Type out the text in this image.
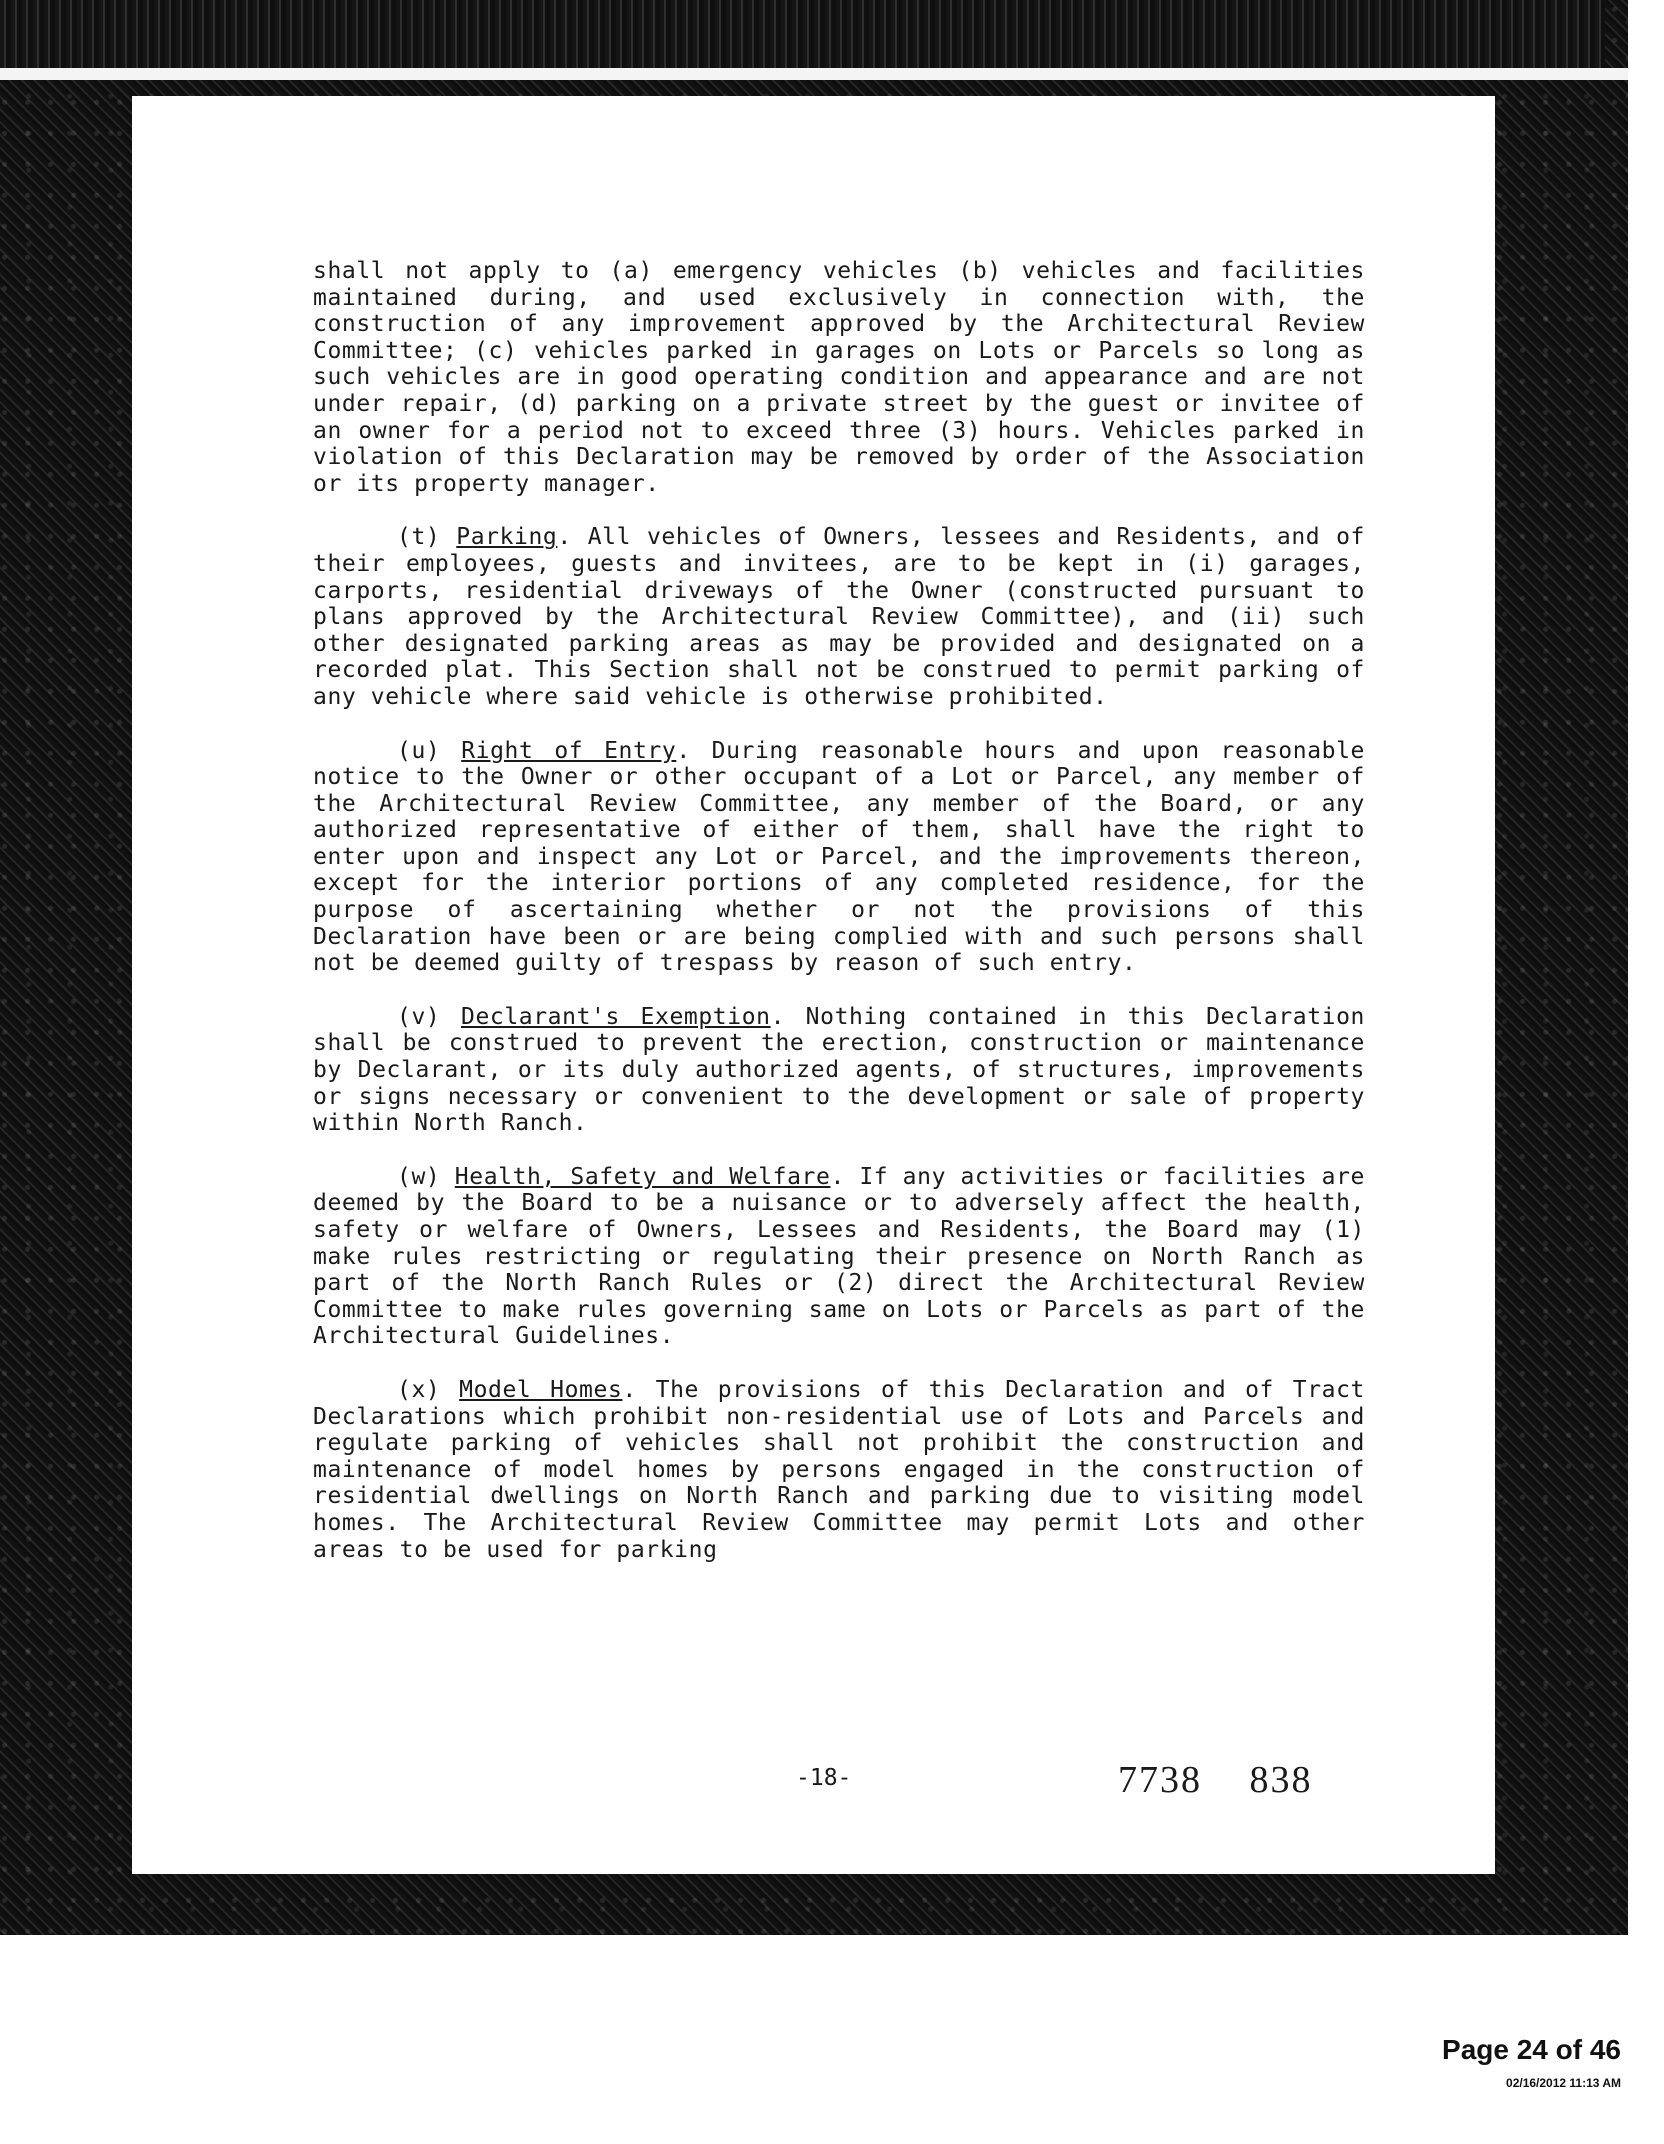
shall not apply to (a) emergency vehicles (b) vehicles and facilities maintained during, and used exclusively in connection with, the construction of any improvement approved by the Architectural Review Committee; (c) vehicles parked in garages on Lots or Parcels so long as such vehicles are in good operating condition and appearance and are not under repair, (d) parking on a private street by the guest or invitee of an owner for a period not to exceed three (3) hours. Vehicles parked in violation of this Declaration may be removed by order of the Association or its property manager.

(t) Parking. All vehicles of Owners, lessees and Residents, and of their employees, guests and invitees, are to be kept in (i) garages, carports, residential driveways of the Owner (constructed pursuant to plans approved by the Architectural Review Committee), and (ii) such other designated parking areas as may be provided and designated on a recorded plat. This Section shall not be construed to permit parking of any vehicle where said vehicle is otherwise prohibited.

(u) Right of Entry. During reasonable hours and upon reasonable notice to the Owner or other occupant of a Lot or Parcel, any member of the Architectural Review Committee, any member of the Board, or any authorized representative of either of them, shall have the right to enter upon and inspect any Lot or Parcel, and the improvements thereon, except for the interior portions of any completed residence, for the purpose of ascertaining whether or not the provisions of this Declaration have been or are being complied with and such persons shall not be deemed guilty of trespass by reason of such entry.

(v) Declarant's Exemption. Nothing contained in this Declaration shall be construed to prevent the erection, construction or maintenance by Declarant, or its duly authorized agents, of structures, improvements or signs necessary or convenient to the development or sale of property within North Ranch.

(w) Health, Safety and Welfare. If any activities or facilities are deemed by the Board to be a nuisance or to adversely affect the health, safety or welfare of Owners, Lessees and Residents, the Board may (1) make rules restricting or regulating their presence on North Ranch as part of the North Ranch Rules or (2) direct the Architectural Review Committee to make rules governing same on Lots or Parcels as part of the Architectural Guidelines.

(x) Model Homes. The provisions of this Declaration and of Tract Declarations which prohibit non-residential use of Lots and Parcels and regulate parking of vehicles shall not prohibit the construction and maintenance of model homes by persons engaged in the construction of residential dwellings on North Ranch and parking due to visiting model homes. The Architectural Review Committee may permit Lots and other areas to be used for parking

-18-	7738 838
Page 24 of 46
02/16/2012 11:13 AM
